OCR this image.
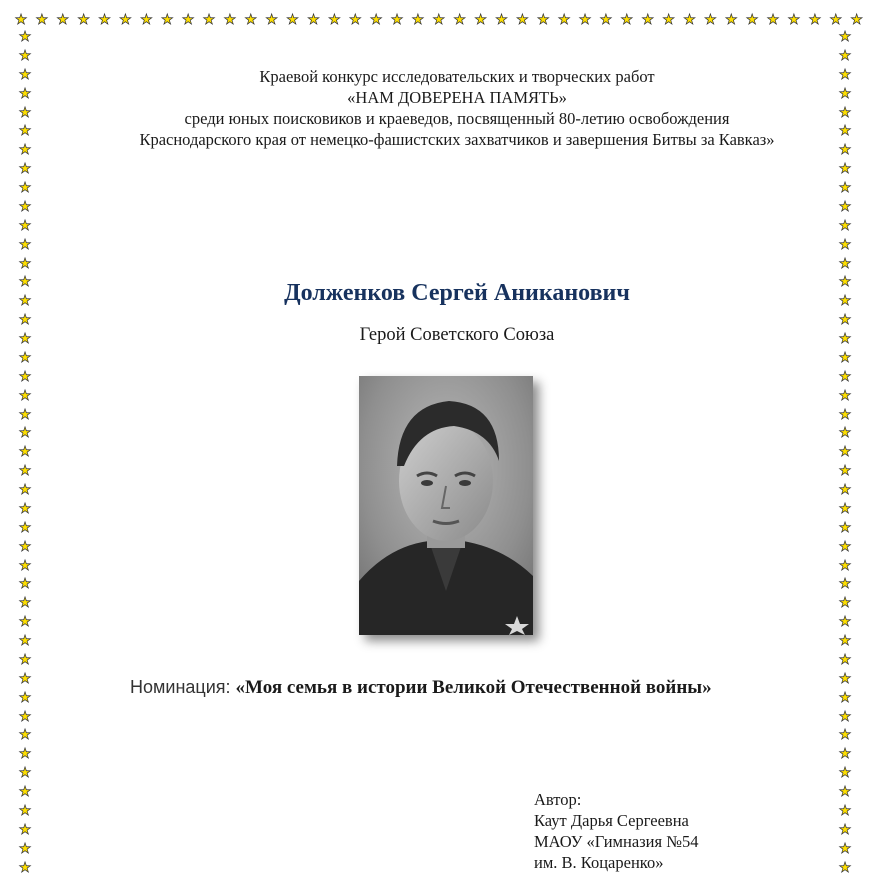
★ ★ ★ ★ ★ ★ ★ ★ ★ ★ ★ ★ ★ ★ ★ ★ ★ ★ ★ ★ ★ ★ ★ ★ ★ ★ ★ ★ ★ ★ ★ ★ ★ ★ ★ ★ ★ ★ ★ ★ ★
★
★
★
★
★
★
★
★
★
★
★
★
★
★
★
★
★
★
★
★
★
★
★
★
★
★
★
★
★
★
★
★
★
★
★
★
★
★
★
★
★
★
★
★
★
★
★
★
★
★
★
★
★
★
★
★
★
★
★
★
★
★
★
★
★
★
★
★
★
★
★
★
★
★
★
★
★
★
★
★
★
★
★
★
★
★
★
★
★
★
Краевой конкурс исследовательских и творческих работ
«НАМ ДОВЕРЕНА ПАМЯТЬ»
среди юных поисковиков и краеведов, посвященный 80-летию освобождения
Краснодарского края от немецко-фашистских захватчиков и завершения Битвы за Кавказ»
Долженков Сергей Аниканович

Герой Советского Союза

Номинация: «Моя семья в истории Великой Отечественной войны»
Автор:
Каут Дарья Сергеевна
МАОУ «Гимназия №54
им. В. Коцаренко»
